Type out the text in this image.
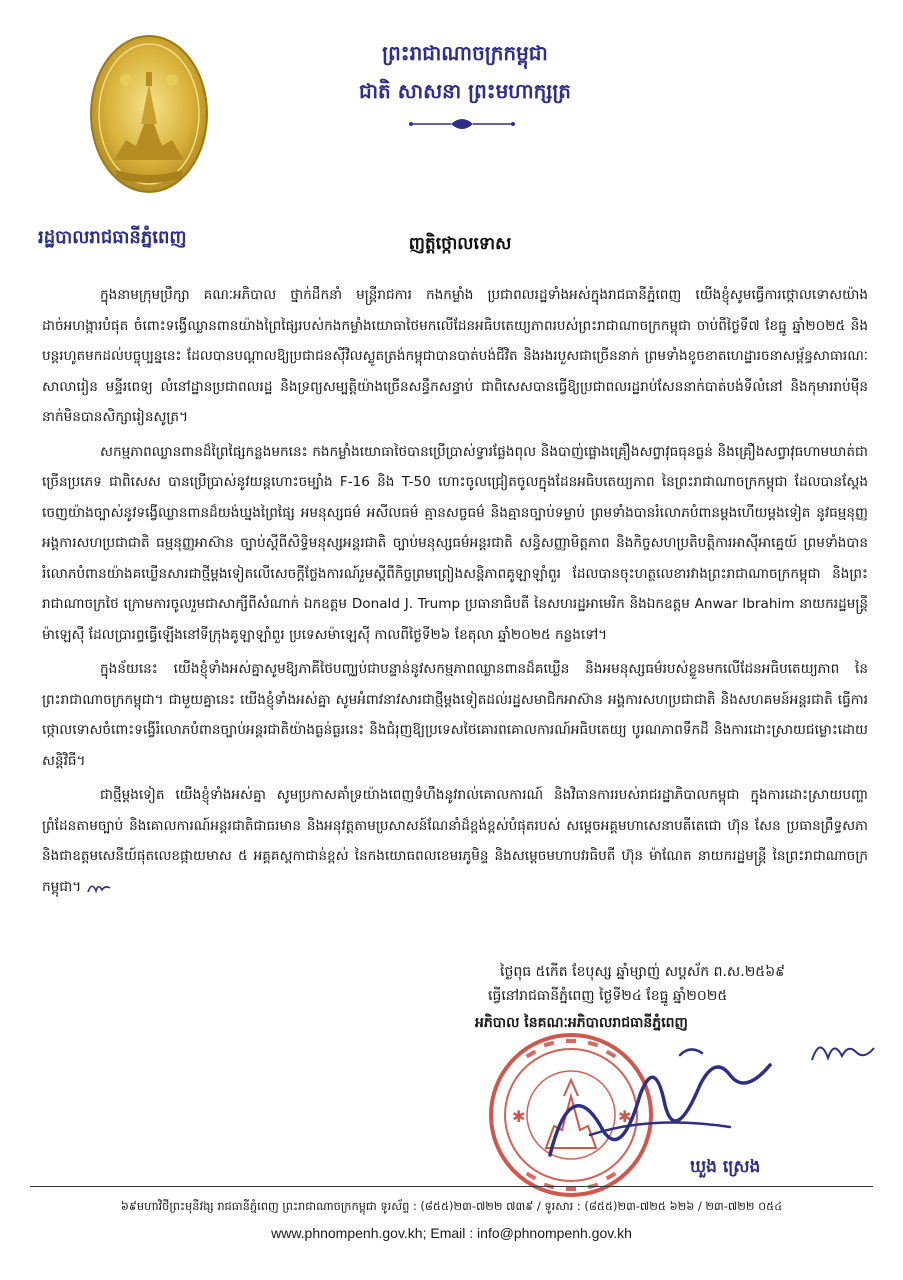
ព្រះរាជាណាចក្រកម្ពុជា
ជាតិ សាសនា ព្រះមហាក្សត្រ
រដ្ឋបាលរាជធានីភ្នំពេញ	ញត្តិថ្កោលទោស

ក្នុងនាមក្រុមប្រឹក្សា គណៈអភិបាល ថ្នាក់ដឹកនាំ មន្ត្រីរាជការ កងកម្លាំង ប្រជាពលរដ្ឋទាំងអស់ក្នុងរាជធានីភ្នំពេញ យើងខ្ញុំសូមធ្វើការថ្កោលទោសយ៉ាងដាច់អហង្ការបំផុត ចំពោះទង្វើឈ្លានពានយ៉ាងព្រៃផ្សៃរបស់កងកម្លាំងយោធាថៃមកលើដែនអធិបតេយ្យភាពរបស់ព្រះរាជាណាចក្រកម្ពុជា ចាប់ពីថ្ងៃទី៧ ខែធ្នូ ឆ្នាំ២០២៥ និង បន្តរហូតមកដល់បច្ចុប្បន្ននេះ ដែលបានបណ្តាលឱ្យប្រជាជនស៊ីវិលស្លូតត្រង់កម្ពុជាបានបាត់បង់ជីវិត និងរងរបួសជាច្រើននាក់ ព្រមទាំងខូចខាតហេដ្ឋារចនាសម្ព័ន្ធសាធារណៈ សាលារៀន មន្ទីរពេទ្យ លំនៅដ្ឋានប្រជាពលរដ្ឋ និងទ្រព្យសម្បត្តិយ៉ាងច្រើនសន្ធឹកសន្ធាប់ ជាពិសេសបានធ្វើឱ្យប្រជាពលរដ្ឋរាប់សែននាក់បាត់បង់ទីលំនៅ និងកុមាររាប់ម៉ឺននាក់មិនបានសិក្សារៀនសូត្រ។

សកម្មភាពឈ្លានពានដ៏ព្រៃផ្សៃកន្លងមកនេះ កងកម្លាំងយោធាថៃបានប្រើប្រាស់ទ្វារផ្លែងពុល និងបាញ់ផ្លោងគ្រឿងសព្វាវុធធុនធ្ងន់ និងគ្រឿងសព្វាវុធហាមឃាត់ជាច្រើនប្រភេទ ជាពិសេស បានប្រើប្រាស់នូវយន្តហោះចម្បាំង F-16 និង T-50 ហោះចូលជ្រៀតចូលក្នុងដែនអធិបតេយ្យភាព នៃព្រះរាជាណាចក្រកម្ពុជា ដែលបានស្តែងចេញយ៉ាងច្បាស់នូវទង្វើឈ្លានពានដ៏យង់ឃ្នងព្រៃផ្សៃ អមនុស្សធម៌ អសីលធម៌ គ្មានសច្ចធម៌ និងគ្មានច្បាប់ទម្លាប់ ព្រមទាំងបានរំលោភបំពានម្តងហើយម្តងទៀត នូវធម្មនុញ្ញអង្គការសហប្រជាជាតិ ធម្មនុញ្ញអាស៊ាន ច្បាប់ស្តីពីសិទ្ធិមនុស្សអន្តរជាតិ ច្បាប់មនុស្សធម៌អន្តរជាតិ សន្ធិសញ្ញាមិត្តភាព និងកិច្ចសហប្រតិបត្តិការអាស៊ីអាគ្នេយ៍ ព្រមទាំងបានរំលោភបំពានយ៉ាងគឃ្លើនសារជាថ្មីម្តងទៀតលើសេចក្តីថ្លែងការណ៍រួមស្តីពីកិច្ចព្រមព្រៀងសន្តិភាពគូឡាឡាំពួរ ដែលបានចុះហត្ថលេខារវាងព្រះរាជាណាចក្រកម្ពុជា និងព្រះរាជាណាចក្រថៃ ក្រោមការចូលរួមជាសាក្សីពីសំណាក់ ឯកឧត្តម Donald J. Trump ប្រធានាធិបតី នៃសហរដ្ឋអាមេរិក និងឯកឧត្តម Anwar Ibrahim នាយករដ្ឋមន្ត្រីម៉ាឡេស៊ី ដែលប្រារព្ធធ្វើឡើងនៅទីក្រុងគូឡាឡាំពួរ ប្រទេសម៉ាឡេស៊ី កាលពីថ្ងៃទី២៦ ខែតុលា ឆ្នាំ២០២៥ កន្លងទៅ។

ក្នុងន័យនេះ យើងខ្ញុំទាំងអស់គ្នាសូមឱ្យភាគីថៃបញ្ឈប់ជាបន្ទាន់នូវសកម្មភាពឈ្លានពានដ៏គឃ្លើន និងអមនុស្សធម៌របស់ខ្លួនមកលើដែនអធិបតេយ្យភាព នៃព្រះរាជាណាចក្រកម្ពុជា។ ជាមួយគ្នានេះ យើងខ្ញុំទាំងអស់គ្នា សូមអំពាវនាវសារជាថ្មីម្តងទៀតដល់រដ្ឋសមាជិកអាស៊ាន អង្គការសហប្រជាជាតិ និងសហគមន៍អន្តរជាតិ ធ្វើការថ្កោលទោសចំពោះទង្វើរំលោភបំពានច្បាប់អន្តរជាតិយ៉ាងធ្ងន់ធ្ងរនេះ និងជំរុញឱ្យប្រទេសថៃគោរពគោលការណ៍អធិបតេយ្យ បូរណភាពទឹកដី និងការដោះស្រាយជម្លោះដោយសន្តិវិធី។

ជាថ្មីម្តងទៀត យើងខ្ញុំទាំងអស់គ្នា សូមប្រកាសគាំទ្រយ៉ាងពេញទំហឹងនូវរាល់គោលការណ៍ និងវិធានការរបស់រាជរដ្ឋាភិបាលកម្ពុជា ក្នុងការដោះស្រាយបញ្ហាព្រំដែនតាមច្បាប់ និងគោលការណ៍អន្តរជាតិជាធរមាន និងអនុវត្តតាមប្រសាសន៍ណែនាំដ៏ខ្ពង់ខ្ពស់បំផុតរបស់ សម្តេចអគ្គមហាសេនាបតីតេជោ ហ៊ុន សែន ប្រធានព្រឹទ្ធសភា និងជាឧត្តមសេនីយ៍ផុតលេខផ្កាយមាស ៥ អគ្គគស្តកាជាន់ខ្ពស់ នៃកងយោធពលខេមរភូមិន្ទ និងសម្តេចមហាបវរធិបតី ហ៊ុន ម៉ាណែត នាយករដ្ឋមន្ត្រី នៃព្រះរាជាណាចក្រកម្ពុជា។

ថ្ងៃពុធ ៥កើត ខែបុស្ស ឆ្នាំម្សាញ់ សប្តស័ក ព.ស.២៥៦៩
ធ្វើនៅរាជធានីភ្នំពេញ ថ្ងៃទី២៤ ខែធ្នូ ឆ្នាំ២០២៥
អភិបាល នៃគណៈអភិបាលរាជធានីភ្នំពេញ
✱	✱
ឃួង ស្រេង
៦៩មហាវិថីព្រះមុនីវង្ស រាជធានីភ្នំពេញ ព្រះរាជាណាចក្រកម្ពុជា ទូរស័ព្ទ : (៨៥៥)២៣-៧២២ ៧៣៩ / ទូរសារ : (៨៥៥)២៣-៧២៥ ៦២៦ / ២៣-៧២២ ០៥៤
www.phnompenh.gov.kh; Email : info@phnompenh.gov.kh
